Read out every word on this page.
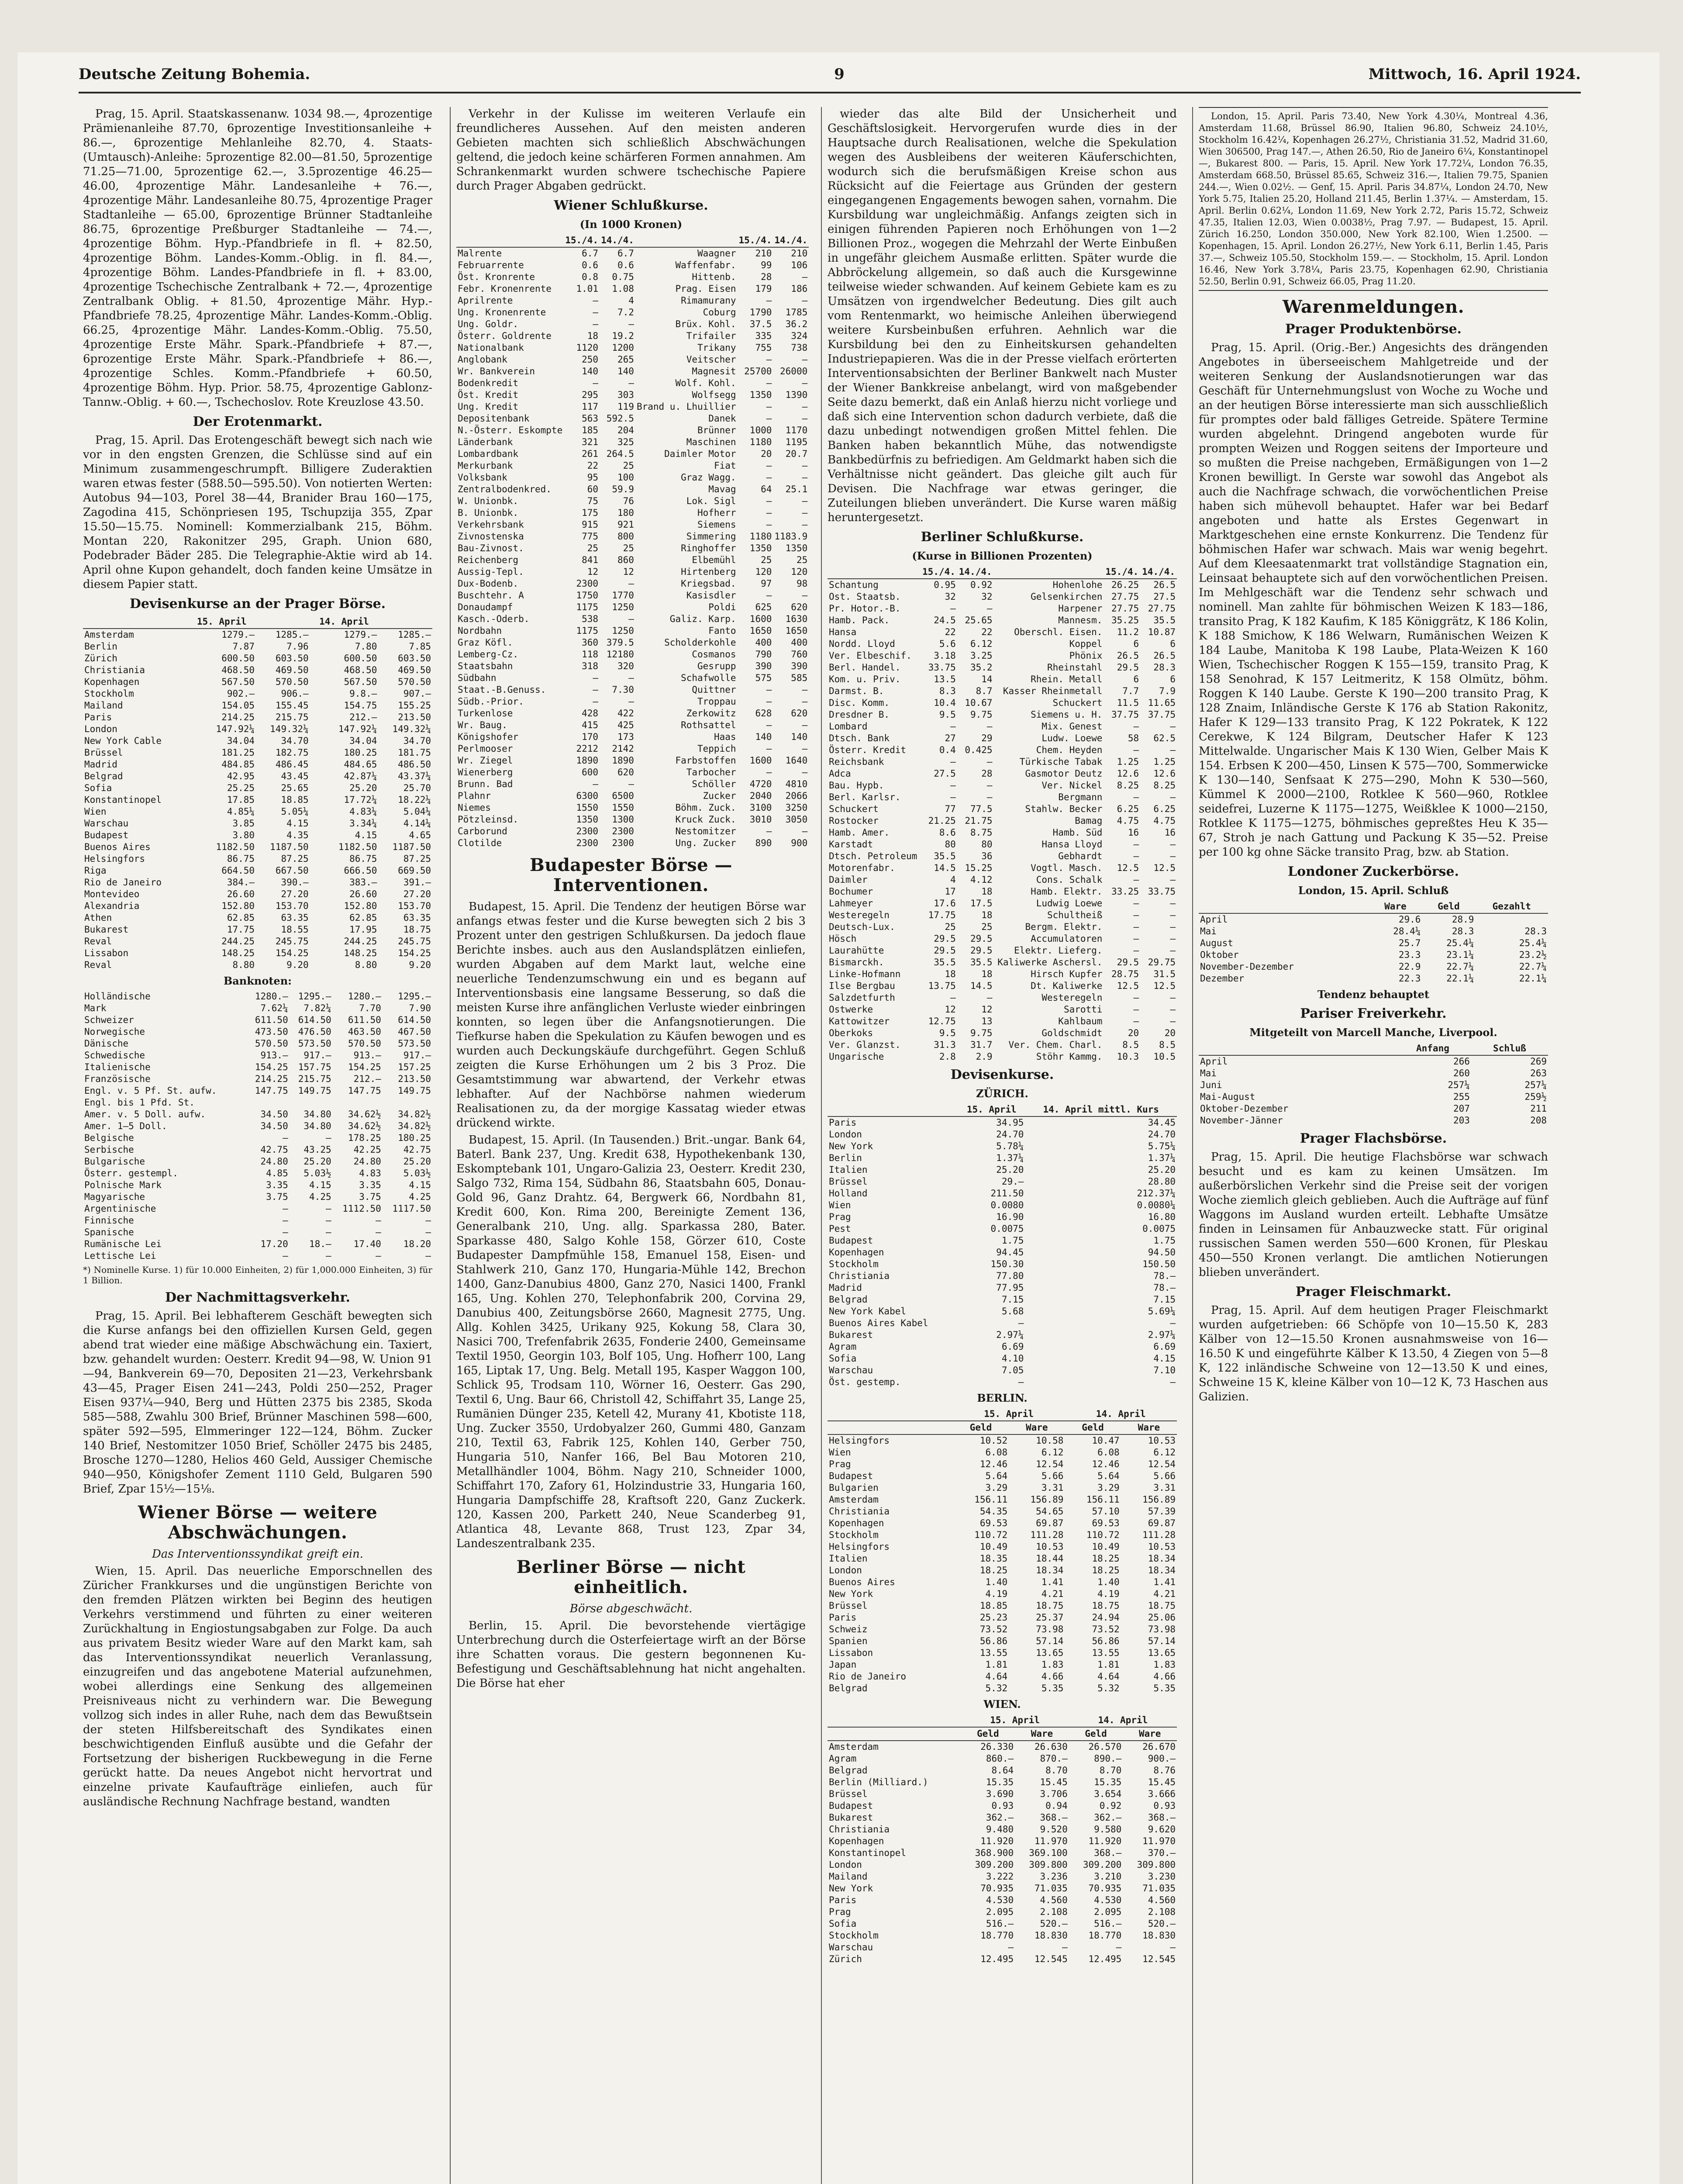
Deutsche Zeitung Bohemia.	9	Mittwoch, 16. April 1924.

Prag, 15. April. Staatskassenanw. 1034 98.—, 4prozentige Prämienanleihe 87.70, 6prozentige Investitionsanleihe + 86.—, 6prozentige Mehlanleihe 82.70, 4. Staats-(Umtausch)-Anleihe: 5prozentige 82.00—81.50, 5prozentige 71.25—71.00, 5prozentige 62.—, 3.5prozentige 46.25—46.00, 4prozentige Mähr. Landesanleihe + 76.—, 4prozentige Mähr. Landesanleihe 80.75, 4prozentige Prager Stadtanleihe — 65.00, 6prozentige Brünner Stadtanleihe 86.75, 6prozentige Preßburger Stadtanleihe — 74.—, 4prozentige Böhm. Hyp.-Pfandbriefe in fl. + 82.50, 4prozentige Böhm. Landes-Komm.-Oblig. in fl. 84.—, 4prozentige Böhm. Landes-Pfandbriefe in fl. + 83.00, 4prozentige Tschechische Zentralbank + 72.—, 4prozentige Zentralbank Oblig. + 81.50, 4prozentige Mähr. Hyp.-Pfandbriefe 78.25, 4prozentige Mähr. Landes-Komm.-Oblig. 66.25, 4prozentige Mähr. Landes-Komm.-Oblig. 75.50, 4prozentige Erste Mähr. Spark.-Pfandbriefe + 87.—, 6prozentige Erste Mähr. Spark.-Pfandbriefe + 86.—, 4prozentige Schles. Komm.-Pfandbriefe + 60.50, 4prozentige Böhm. Hyp. Prior. 58.75, 4prozentige Gablonz-Tannw.-Oblig. + 60.—, Tschechoslov. Rote Kreuzlose 43.50.

Der Erotenmarkt.

Prag, 15. April. Das Erotengeschäft bewegt sich nach wie vor in den engsten Grenzen, die Schlüsse sind auf ein Minimum zusammengeschrumpft. Billigere Zuderaktien waren etwas fester (588.50—595.50). Von notierten Werten: Autobus 94—103, Porel 38—44, Branider Brau 160—175, Zagodina 415, Schönpriesen 195, Tschupzija 355, Zpar 15.50—15.75. Nominell: Kommerzialbank 215, Böhm. Montan 220, Rakonitzer 295, Graph. Union 680, Podebrader Bäder 285. Die Telegraphie-Aktie wird ab 14. April ohne Kupon gehandelt, doch fanden keine Umsätze in diesem Papier statt.

Devisenkurse an der Prager Börse.
	15. April		14. April	
Amsterdam	1279.—	1285.—	1279.—	1285.—
Berlin	7.87	7.96	7.80	7.85
Zürich	600.50	603.50	600.50	603.50
Christiania	468.50	469.50	468.50	469.50
Kopenhagen	567.50	570.50	567.50	570.50
Stockholm	902.—	906.—	9.8.—	907.—
Mailand	154.05	155.45	154.75	155.25
Paris	214.25	215.75	212.—	213.50
London	147.92¼	149.32¼	147.92¼	149.32¼
New York Cable	34.04	34.70	34.04	34.70
Brüssel	181.25	182.75	180.25	181.75
Madrid	484.85	486.45	484.65	486.50
Belgrad	42.95	43.45	42.87¼	43.37¼
Sofia	25.25	25.65	25.20	25.70
Konstantinopel	17.85	18.85	17.72¼	18.22¼
Wien	4.85¼	5.05¼	4.83¼	5.04¼
Warschau	3.85	4.15	3.34¼	4.14¼
Budapest	3.80	4.35	4.15	4.65
Buenos Aires	1182.50	1187.50	1182.50	1187.50
Helsingfors	86.75	87.25	86.75	87.25
Riga	664.50	667.50	666.50	669.50
Rio de Janeiro	384.—	390.—	383.—	391.—
Montevideo	26.60	27.20	26.60	27.20
Alexandria	152.80	153.70	152.80	153.70
Athen	62.85	63.35	62.85	63.35
Bukarest	17.75	18.55	17.95	18.75
Reval	244.25	245.75	244.25	245.75
Lissabon	148.25	154.25	148.25	154.25
Reval	8.80	9.20	8.80	9.20
Banknoten:
Holländische	1280.—	1295.—	1280.—	1295.—
Mark	7.62¼	7.82¼	7.70	7.90
Schweizer	611.50	614.50	611.50	614.50
Norwegische	473.50	476.50	463.50	467.50
Dänische	570.50	573.50	570.50	573.50
Schwedische	913.—	917.—	913.—	917.—
Italienische	154.25	157.75	154.25	157.25
Französische	214.25	215.75	212.—	213.50
Engl. v. 5 Pf. St. aufw.	147.75	149.75	147.75	149.75
Engl. bis 1 Pfd. St.				
Amer. v. 5 Doll. aufw.	34.50	34.80	34.62½	34.82½
Amer. 1—5 Doll.	34.50	34.80	34.62½	34.82½
Belgische	—	—	178.25	180.25
Serbische	42.75	43.25	42.25	42.75
Bulgarische	24.80	25.20	24.80	25.20
Österr. gestempl.	4.85	5.03½	4.83	5.03½
Polnische Mark	3.35	4.15	3.35	4.15
Magyarische	3.75	4.25	3.75	4.25
Argentinische	—	—	1112.50	1117.50
Finnische	—	—	—	—
Spanische	—	—	—	—
Rumänische Lei	17.20	18.—	17.40	18.20
Lettische Lei	—	—	—	—
*) Nominelle Kurse. 1) für 10.000 Einheiten, 2) für 1,000.000 Einheiten, 3) für 1 Billion.
Der Nachmittagsverkehr.

Prag, 15. April. Bei lebhafterem Geschäft bewegten sich die Kurse anfangs bei den offiziellen Kursen Geld, gegen abend trat wieder eine mäßige Abschwächung ein. Taxiert, bzw. gehandelt wurden: Oesterr. Kredit 94—98, W. Union 91—94, Bankverein 69—70, Depositen 21—23, Verkehrsbank 43—45, Prager Eisen 241—243, Poldi 250—252, Prager Eisen 937¼—940, Berg und Hütten 2375 bis 2385, Skoda 585—588, Zwahlu 300 Brief, Brünner Maschinen 598—600, später 592—595, Elmmeringer 122—124, Böhm. Zucker 140 Brief, Nestomitzer 1050 Brief, Schöller 2475 bis 2485, Brosche 1270—1280, Helios 460 Geld, Aussiger Chemische 940—950, Königshofer Zement 1110 Geld, Bulgaren 590 Brief, Zpar 15½—15⅛.

Wiener Börse — weitere Abschwächungen.
Das Interventionssyndikat greift ein.

Wien, 15. April. Das neuerliche Emporschnellen des Züricher Frankkurses und die ungünstigen Berichte von den fremden Plätzen wirkten bei Beginn des heutigen Verkehrs verstimmend und führten zu einer weiteren Zurückhaltung in Engiostungsabgaben zur Folge. Da auch aus privatem Besitz wieder Ware auf den Markt kam, sah das Interventionssyndikat neuerlich Veranlassung, einzugreifen und das angebotene Material aufzunehmen, wobei allerdings eine Senkung des allgemeinen Preisniveaus nicht zu verhindern war. Die Bewegung vollzog sich indes in aller Ruhe, nach dem das Bewußtsein der steten Hilfsbereitschaft des Syndikates einen beschwichtigenden Einfluß ausübte und die Gefahr der Fortsetzung der bisherigen Ruckbewegung in die Ferne gerückt hatte. Da neues Angebot nicht hervortrat und einzelne private Kaufaufträge einliefen, auch für ausländische Rechnung Nachfrage bestand, wandten

Verkehr in der Kulisse im weiteren Verlaufe ein freundlicheres Aussehen. Auf den meisten anderen Gebieten machten sich schließlich Abschwächungen geltend, die jedoch keine schärferen Formen annahmen. Am Schrankenmarkt wurden schwere tschechische Papiere durch Prager Abgaben gedrückt.

Wiener Schlußkurse.
(In 1000 Kronen)
	15./4.	14./4.		15./4.	14./4.
Malrente	6.7	6.7	Waagner	210	210
Februarrente	0.6	0.6	Waffenfabr.	99	106
Öst. Kronrente	0.8	0.75	Hittenb.	28	—
Febr. Kronenrente	1.01	1.08	Prag. Eisen	179	186
Aprilrente	—	4	Rimamurany	—	—
Ung. Kronenrente	—	7.2	Coburg	1790	1785
Ung. Goldr.	—	—	Brüx. Kohl.	37.5	36.2
Österr. Goldrente	18	19.2	Trifailer	335	324
Nationalbank	1120	1200	Trikany	755	738
Anglobank	250	265	Veitscher	—	—
Wr. Bankverein	140	140	Magnesit	25700	26000
Bodenkredit	—	—	Wolf. Kohl.	—	—
Öst. Kredit	295	303	Wolfsegg	1350	1390
Ung. Kredit	117	119	Brand u. Lhuillier	—	—
Depositenbank	563	592.5	Danek	—	—
N.-Österr. Eskompte	185	204	Brünner	1000	1170
Länderbank	321	325	Maschinen	1180	1195
Lombardbank	261	264.5	Daimler Motor	20	20.7
Merkurbank	22	25	Fiat	—	—
Volksbank	95	100	Graz Wagg.	—	—
Zentralbodenkred.	60	59.9	Mavag	64	25.1
W. Unionbk.	75	76	Lok. Sigl	—	—
B. Unionbk.	175	180	Hofherr	—	—
Verkehrsbank	915	921	Siemens	—	—
Zivnostenska	775	800	Simmering	1180	1183.9
Bau-Zivnost.	25	25	Ringhoffer	1350	1350
Reichenberg	841	860	Elbemühl	25	25
Aussig-Tepl.	12	12	Hirtenberg	120	120
Dux-Bodenb.	2300	—	Kriegsbad.	97	98
Buschtehr. A	1750	1770	Kasisdler	—	—
Donaudampf	1175	1250	Poldi	625	620
Kasch.-Oderb.	538	—	Galiz. Karp.	1600	1630
Nordbahn	1175	1250	Fanto	1650	1650
Graz Köfl.	360	379.5	Scholderkohle	400	400
Lemberg-Cz.	118	12180	Cosmanos	790	760
Staatsbahn	318	320	Gesrupp	390	390
Südbahn	—	—	Schafwolle	575	585
Staat.-B.Genuss.	—	7.30	Quittner	—	—
Südb.-Prior.	—	—	Troppau	—	—
Turkenlose	428	422	Zerkowitz	628	620
Wr. Baug.	415	425	Rothsattel	—	—
Königshofer	170	173	Haas	140	140
Perlmooser	2212	2142	Teppich	—	—
Wr. Ziegel	1890	1890	Farbstoffen	1600	1640
Wienerberg	600	620	Tarbocher	—	—
Brunn. Bad	—	—	Schöller	4720	4810
Plahnr	6300	6500	Zucker	2040	2066
Niemes	1550	1550	Böhm. Zuck.	3100	3250
Pötzleinsd.	1350	1300	Kruck Zuck.	3010	3050
Carborund	2300	2300	Nestomitzer	—	—
Clotilde	2300	2300	Ung. Zucker	890	900
Budapester Börse — Interventionen.

Budapest, 15. April. Die Tendenz der heutigen Börse war anfangs etwas fester und die Kurse bewegten sich 2 bis 3 Prozent unter den gestrigen Schlußkursen. Da jedoch flaue Berichte insbes. auch aus den Auslandsplätzen einliefen, wurden Abgaben auf dem Markt laut, welche eine neuerliche Tendenzumschwung ein und es begann auf Interventionsbasis eine langsame Besserung, so daß die meisten Kurse ihre anfänglichen Verluste wieder einbringen konnten, so legen über die Anfangsnotierungen. Die Tiefkurse haben die Spekulation zu Käufen bewogen und es wurden auch Deckungskäufe durchgeführt. Gegen Schluß zeigten die Kurse Erhöhungen um 2 bis 3 Proz. Die Gesamtstimmung war abwartend, der Verkehr etwas lebhafter. Auf der Nachbörse nahmen wiederum Realisationen zu, da der morgige Kassatag wieder etwas drückend wirkte.

Budapest, 15. April. (In Tausenden.) Brit.-ungar. Bank 64, Baterl. Bank 237, Ung. Kredit 638, Hypothekenbank 130, Eskomptebank 101, Ungaro-Galizia 23, Oesterr. Kredit 230, Salgo 732, Rima 154, Südbahn 86, Staatsbahn 605, Donau-Gold 96, Ganz Drahtz. 64, Bergwerk 66, Nordbahn 81, Kredit 600, Kon. Rima 200, Bereinigte Zement 136, Generalbank 210, Ung. allg. Sparkassa 280, Bater. Sparkasse 480, Salgo Kohle 158, Görzer 610, Coste Budapester Dampfmühle 158, Emanuel 158, Eisen- und Stahlwerk 210, Ganz 170, Hungaria-Mühle 142, Brechon 1400, Ganz-Danubius 4800, Ganz 270, Nasici 1400, Frankl 165, Ung. Kohlen 270, Telephonfabrik 200, Corvina 29, Danubius 400, Zeitungsbörse 2660, Magnesit 2775, Ung. Allg. Kohlen 3425, Urikany 925, Kokung 58, Clara 30, Nasici 700, Trefenfabrik 2635, Fonderie 2400, Gemeinsame Textil 1950, Georgin 103, Bolf 105, Ung. Hofherr 100, Lang 165, Liptak 17, Ung. Belg. Metall 195, Kasper Waggon 100, Schlick 95, Trodsam 110, Wörner 16, Oesterr. Gas 290, Textil 6, Ung. Baur 66, Christoll 42, Schiffahrt 35, Lange 25, Rumänien Dünger 235, Ketell 42, Murany 41, Kbotiste 118, Ung. Zucker 3550, Urdobyalzer 260, Gummi 480, Ganzam 210, Textil 63, Fabrik 125, Kohlen 140, Gerber 750, Hungaria 510, Nanfer 166, Bel Bau Motoren 210, Metallhändler 1004, Böhm. Nagy 210, Schneider 1000, Schiffahrt 170, Zafory 61, Holzindustrie 33, Hungaria 160, Hungaria Dampfschiffe 28, Kraftsoft 220, Ganz Zuckerk. 120, Kassen 200, Parkett 240, Neue Scanderbeg 91, Atlantica 48, Levante 868, Trust 123, Zpar 34, Landeszentralbank 235.

Berliner Börse — nicht einheitlich.
Börse abgeschwächt.

Berlin, 15. April. Die bevorstehende viertägige Unterbrechung durch die Osterfeiertage wirft an der Börse ihre Schatten voraus. Die gestern begonnenen Ku-Befestigung und Geschäftsablehnung hat nicht angehalten. Die Börse hat eher

wieder das alte Bild der Unsicherheit und Geschäftslosigkeit. Hervorgerufen wurde dies in der Hauptsache durch Realisationen, welche die Spekulation wegen des Ausbleibens der weiteren Käuferschichten, wodurch sich die berufsmäßigen Kreise schon aus Rücksicht auf die Feiertage aus Gründen der gestern eingegangenen Engagements bewogen sahen, vornahm. Die Kursbildung war ungleichmäßig. Anfangs zeigten sich in einigen führenden Papieren noch Erhöhungen von 1—2 Billionen Proz., wogegen die Mehrzahl der Werte Einbußen in ungefähr gleichem Ausmaße erlitten. Später wurde die Abbröckelung allgemein, so daß auch die Kursgewinne teilweise wieder schwanden. Auf keinem Gebiete kam es zu Umsätzen von irgendwelcher Bedeutung. Dies gilt auch vom Rentenmarkt, wo heimische Anleihen überwiegend weitere Kursbeinbußen erfuhren. Aehnlich war die Kursbildung bei den zu Einheitskursen gehandelten Industriepapieren. Was die in der Presse vielfach erörterten Interventionsabsichten der Berliner Bankwelt nach Muster der Wiener Bankkreise anbelangt, wird von maßgebender Seite dazu bemerkt, daß ein Anlaß hierzu nicht vorliege und daß sich eine Intervention schon dadurch verbiete, daß die dazu unbedingt notwendigen großen Mittel fehlen. Die Banken haben bekanntlich Mühe, das notwendigste Bankbedürfnis zu befriedigen. Am Geldmarkt haben sich die Verhältnisse nicht geändert. Das gleiche gilt auch für Devisen. Die Nachfrage war etwas geringer, die Zuteilungen blieben unverändert. Die Kurse waren mäßig heruntergesetzt.

Berliner Schlußkurse.
(Kurse in Billionen Prozenten)
	15./4.	14./4.		15./4.	14./4.
Schantung	0.95	0.92	Hohenlohe	26.25	26.5
Ost. Staatsb.	32	32	Gelsenkirchen	27.75	27.5
Pr. Hotor.-B.	—	—	Harpener	27.75	27.75
Hamb. Pack.	24.5	25.65	Mannesm.	35.25	35.5
Hansa	22	22	Oberschl. Eisen.	11.2	10.87
Nordd. Lloyd	5.6	6.12	Koppel	6	6
Ver. Elbeschif.	3.18	3.25	Phönix	26.5	26.5
Berl. Handel.	33.75	35.2	Rheinstahl	29.5	28.3
Kom. u. Priv.	13.5	14	Rhein. Metall	6	6
Darmst. B.	8.3	8.7	Kasser Rheinmetall	7.7	7.9
Disc. Komm.	10.4	10.67	Schuckert	11.5	11.65
Dresdner B.	9.5	9.75	Siemens u. H.	37.75	37.75
Lombard	—	—	Mix. Genest	—	—
Dtsch. Bank	27	29	Ludw. Loewe	58	62.5
Österr. Kredit	0.4	0.425	Chem. Heyden	—	—
Reichsbank	—	—	Türkische Tabak	1.25	1.25
Adca	27.5	28	Gasmotor Deutz	12.6	12.6
Bau. Hypb.	—	—	Ver. Nickel	8.25	8.25
Berl. Karlsr.	—	—	Bergmann	—	—
Schuckert	77	77.5	Stahlw. Becker	6.25	6.25
Rostocker	21.25	21.75	Bamag	4.75	4.75
Hamb. Amer.	8.6	8.75	Hamb. Süd	16	16
Karstadt	80	80	Hansa Lloyd	—	—
Dtsch. Petroleum	35.5	36	Gebhardt	—	—
Motorenfabr.	14.5	15.25	Vogtl. Masch.	12.5	12.5
Daimler	4	4.12	Cons. Schalk	—	—
Bochumer	17	18	Hamb. Elektr.	33.25	33.75
Lahmeyer	17.6	17.5	Ludwig Loewe	—	—
Westeregeln	17.75	18	Schultheiß	—	—
Deutsch-Lux.	25	25	Bergm. Elektr.	—	—
Hösch	29.5	29.5	Accumulatoren	—	—
Laurahütte	29.5	29.5	Elektr. Lieferg.	—	—
Bismarckh.	35.5	35.5	Kaliwerke Aschersl.	29.5	29.75
Linke-Hofmann	18	18	Hirsch Kupfer	28.75	31.5
Ilse Bergbau	13.75	14.5	Dt. Kaliwerke	12.5	12.5
Salzdetfurth	—	—	Westeregeln	—	—
Ostwerke	12	12	Sarotti	—	—
Kattowitzer	12.75	13	Kahlbaum	—	—
Oberkoks	9.5	9.75	Goldschmidt	20	20
Ver. Glanzst.	31.3	31.7	Ver. Chem. Charl.	8.5	8.5
Ungarische	2.8	2.9	Stöhr Kammg.	10.3	10.5
Devisenkurse.
ZÜRICH.
	15. April	14. April mittl. Kurs
Paris	34.95	34.45
London	24.70	24.70
New York	5.78¼	5.75¼
Berlin	1.37¼	1.37¼
Italien	25.20	25.20
Brüssel	29.—	28.80
Holland	211.50	212.37¼
Wien	0.0080	0.0080¼
Prag	16.90	16.80
Pest	0.0075	0.0075
Budapest	1.75	1.75
Kopenhagen	94.45	94.50
Stockholm	150.30	150.50
Christiania	77.80	78.—
Madrid	77.95	78.—
Belgrad	7.15	7.15
New York Kabel	5.68	5.69¼
Buenos Aires Kabel	—	—
Bukarest	2.97¼	2.97¼
Agram	6.69	6.69
Sofia	4.10	4.15
Warschau	7.05	7.10
Öst. gestemp.	—	—
BERLIN.
	15. April		14. April	
	Geld	Ware	Geld	Ware
Helsingfors	10.52	10.58	10.47	10.53
Wien	6.08	6.12	6.08	6.12
Prag	12.46	12.54	12.46	12.54
Budapest	5.64	5.66	5.64	5.66
Bulgarien	3.29	3.31	3.29	3.31
Amsterdam	156.11	156.89	156.11	156.89
Christiania	54.35	54.65	57.10	57.39
Kopenhagen	69.53	69.87	69.53	69.87
Stockholm	110.72	111.28	110.72	111.28
Helsingfors	10.49	10.53	10.49	10.53
Italien	18.35	18.44	18.25	18.34
London	18.25	18.34	18.25	18.34
Buenos Aires	1.40	1.41	1.40	1.41
New York	4.19	4.21	4.19	4.21
Brüssel	18.85	18.75	18.75	18.75
Paris	25.23	25.37	24.94	25.06
Schweiz	73.52	73.98	73.52	73.98
Spanien	56.86	57.14	56.86	57.14
Lissabon	13.55	13.65	13.55	13.65
Japan	1.81	1.83	1.81	1.83
Rio de Janeiro	4.64	4.66	4.64	4.66
Belgrad	5.32	5.35	5.32	5.35
WIEN.
	15. April		14. April	
	Geld	Ware	Geld	Ware
Amsterdam	26.330	26.630	26.570	26.670
Agram	860.—	870.—	890.—	900.—
Belgrad	8.64	8.70	8.70	8.76
Berlin (Milliard.)	15.35	15.45	15.35	15.45
Brüssel	3.690	3.706	3.654	3.666
Budapest	0.93	0.94	0.92	0.93
Bukarest	362.—	368.—	362.—	368.—
Christiania	9.480	9.520	9.580	9.620
Kopenhagen	11.920	11.970	11.920	11.970
Konstantinopel	368.900	369.100	368.—	370.—
London	309.200	309.800	309.200	309.800
Mailand	3.222	3.236	3.210	3.230
New York	70.935	71.035	70.935	71.035
Paris	4.530	4.560	4.530	4.560
Prag	2.095	2.108	2.095	2.108
Sofia	516.—	520.—	516.—	520.—
Stockholm	18.770	18.830	18.770	18.830
Warschau	—	—	—	—
Zürich	12.495	12.545	12.495	12.545

London, 15. April. Paris 73.40, New York 4.30¼, Montreal 4.36, Amsterdam 11.68, Brüssel 86.90, Italien 96.80, Schweiz 24.10½, Stockholm 16.42¼, Kopenhagen 26.27½, Christiania 31.52, Madrid 31.60, Wien 306500, Prag 147.—, Athen 26.50, Rio de Janeiro 6¼, Konstantinopel —, Bukarest 800. — Paris, 15. April. New York 17.72¼, London 76.35, Amsterdam 668.50, Brüssel 85.65, Schweiz 316.—, Italien 79.75, Spanien 244.—, Wien 0.02½. — Genf, 15. April. Paris 34.87¼, London 24.70, New York 5.75, Italien 25.20, Holland 211.45, Berlin 1.37¼. — Amsterdam, 15. April. Berlin 0.62¼, London 11.69, New York 2.72, Paris 15.72, Schweiz 47.35, Italien 12.03, Wien 0.0038½, Prag 7.97. — Budapest, 15. April. Zürich 16.250, London 350.000, New York 82.100, Wien 1.2500. — Kopenhagen, 15. April. London 26.27½, New York 6.11, Berlin 1.45, Paris 37.—, Schweiz 105.50, Stockholm 159.—. — Stockholm, 15. April. London 16.46, New York 3.78¼, Paris 23.75, Kopenhagen 62.90, Christiania 52.50, Berlin 0.91, Schweiz 66.05, Prag 11.20.

Warenmeldungen.
Prager Produktenbörse.

Prag, 15. April. (Orig.-Ber.) Angesichts des drängenden Angebotes in überseeischem Mahlgetreide und der weiteren Senkung der Auslandsnotierungen war das Geschäft für Unternehmungslust von Woche zu Woche und an der heutigen Börse interessierte man sich ausschließlich für promptes oder bald fälliges Getreide. Spätere Termine wurden abgelehnt. Dringend angeboten wurde für prompten Weizen und Roggen seitens der Importeure und so mußten die Preise nachgeben, Ermäßigungen von 1—2 Kronen bewilligt. In Gerste war sowohl das Angebot als auch die Nachfrage schwach, die vorwöchentlichen Preise haben sich mühevoll behauptet. Hafer war bei Bedarf angeboten und hatte als Erstes Gegenwart in Marktgeschehen eine ernste Konkurrenz. Die Tendenz für böhmischen Hafer war schwach. Mais war wenig begehrt. Auf dem Kleesaatenmarkt trat vollständige Stagnation ein, Leinsaat behauptete sich auf den vorwöchentlichen Preisen. Im Mehlgeschäft war die Tendenz sehr schwach und nominell. Man zahlte für böhmischen Weizen K 183—186, transito Prag, K 182 Kaufim, K 185 Königgrätz, K 186 Kolin, K 188 Smichow, K 186 Welwarn, Rumänischen Weizen K 184 Laube, Manitoba K 198 Laube, Plata-Weizen K 160 Wien, Tschechischer Roggen K 155—159, transito Prag, K 158 Senohrad, K 157 Leitmeritz, K 158 Olmütz, böhm. Roggen K 140 Laube. Gerste K 190—200 transito Prag, K 128 Znaim, Inländische Gerste K 176 ab Station Rakonitz, Hafer K 129—133 transito Prag, K 122 Pokratek, K 122 Cerekwe, K 124 Bilgram, Deutscher Hafer K 123 Mittelwalde. Ungarischer Mais K 130 Wien, Gelber Mais K 154. Erbsen K 200—450, Linsen K 575—700, Sommerwicke K 130—140, Senfsaat K 275—290, Mohn K 530—560, Kümmel K 2000—2100, Rotklee K 560—960, Rotklee seidefrei, Luzerne K 1175—1275, Weißklee K 1000—2150, Rotklee K 1175—1275, böhmisches gepreßtes Heu K 35—67, Stroh je nach Gattung und Packung K 35—52. Preise per 100 kg ohne Säcke transito Prag, bzw. ab Station.

Londoner Zuckerbörse.
London, 15. April. Schluß
	Ware	Geld	Gezahlt
April	29.6	28.9	
Mai	28.4¼	28.3	28.3
August	25.7	25.4¼	25.4¼
Oktober	23.3	23.1¼	23.2½
November-Dezember	22.9	22.7¼	22.7¼
Dezember	22.3	22.1¼	22.1¼
Tendenz behauptet
Pariser Freiverkehr.
Mitgeteilt von Marcell Manche, Liverpool.
	Anfang	Schluß
April	266	269
Mai	260	263
Juni	257¼	257¼
Mai-August	255	259½
Oktober-Dezember	207	211
November-Jänner	203	208
Prager Flachsbörse.

Prag, 15. April. Die heutige Flachsbörse war schwach besucht und es kam zu keinen Umsätzen. Im außerbörslichen Verkehr sind die Preise seit der vorigen Woche ziemlich gleich geblieben. Auch die Aufträge auf fünf Waggons im Ausland wurden erteilt. Lebhafte Umsätze finden in Leinsamen für Anbauzwecke statt. Für original russischen Samen werden 550—600 Kronen, für Pleskau 450—550 Kronen verlangt. Die amtlichen Notierungen blieben unverändert.

Prager Fleischmarkt.

Prag, 15. April. Auf dem heutigen Prager Fleischmarkt wurden aufgetrieben: 66 Schöpfe von 10—15.50 K, 283 Kälber von 12—15.50 Kronen ausnahmsweise von 16—16.50 K und eingeführte Kälber K 13.50, 4 Ziegen von 5—8 K, 122 inländische Schweine von 12—13.50 K und eines, Schweine 15 K, kleine Kälber von 10—12 K, 73 Haschen aus Galizien.
